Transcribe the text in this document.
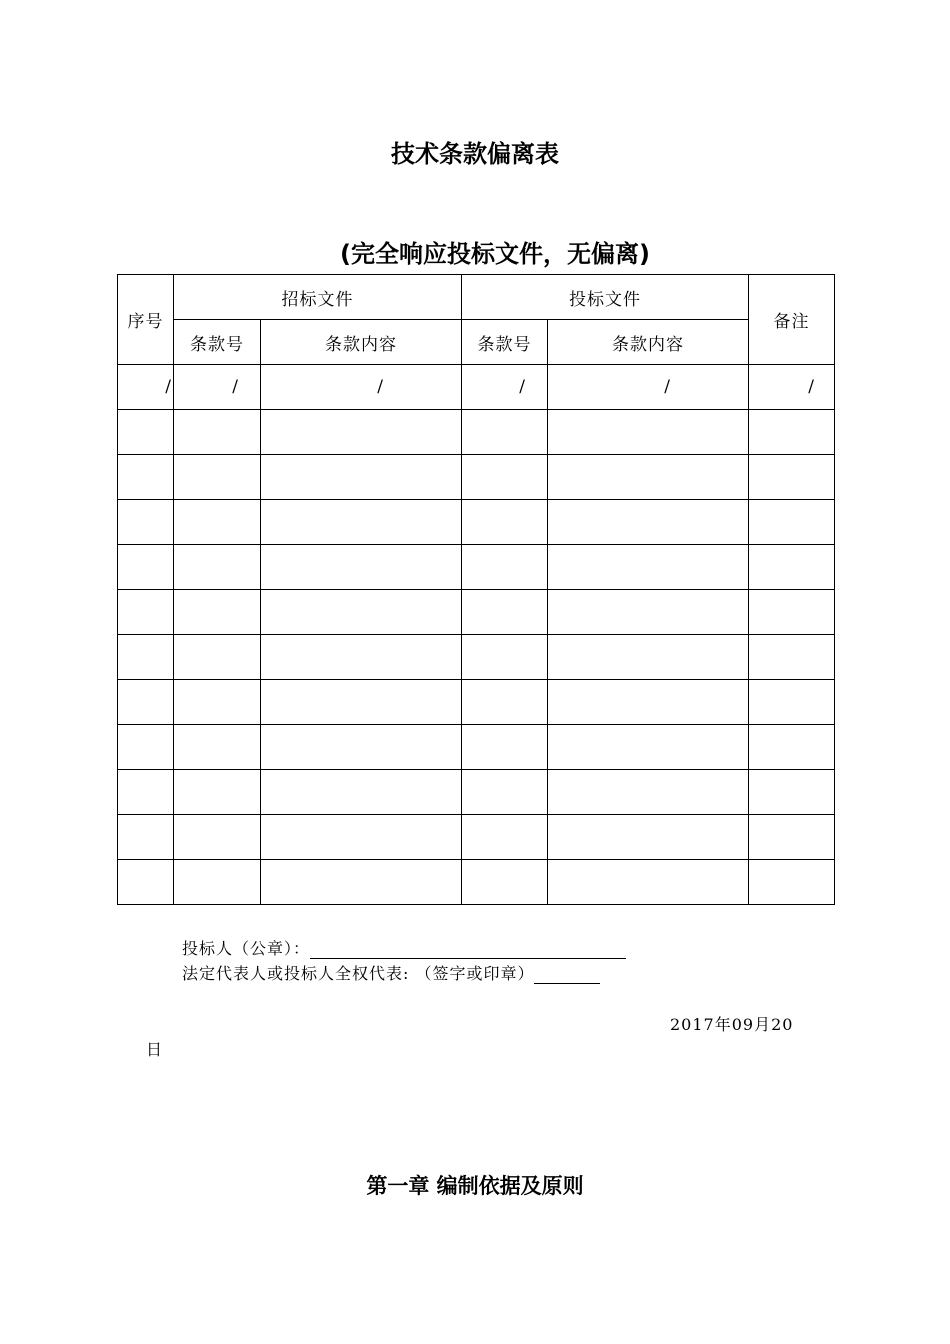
技术条款偏离表
(完全响应投标文件，无偏离)
序号	招标文件		投标文件		备注
	条款号	条款内容	条款号	条款内容	
/	/	/	/	/	/

投标人（公章）：
法定代表人或投标人全权代表: （签字或印章）
2017年09月20
日
第一章 编制依据及原则
